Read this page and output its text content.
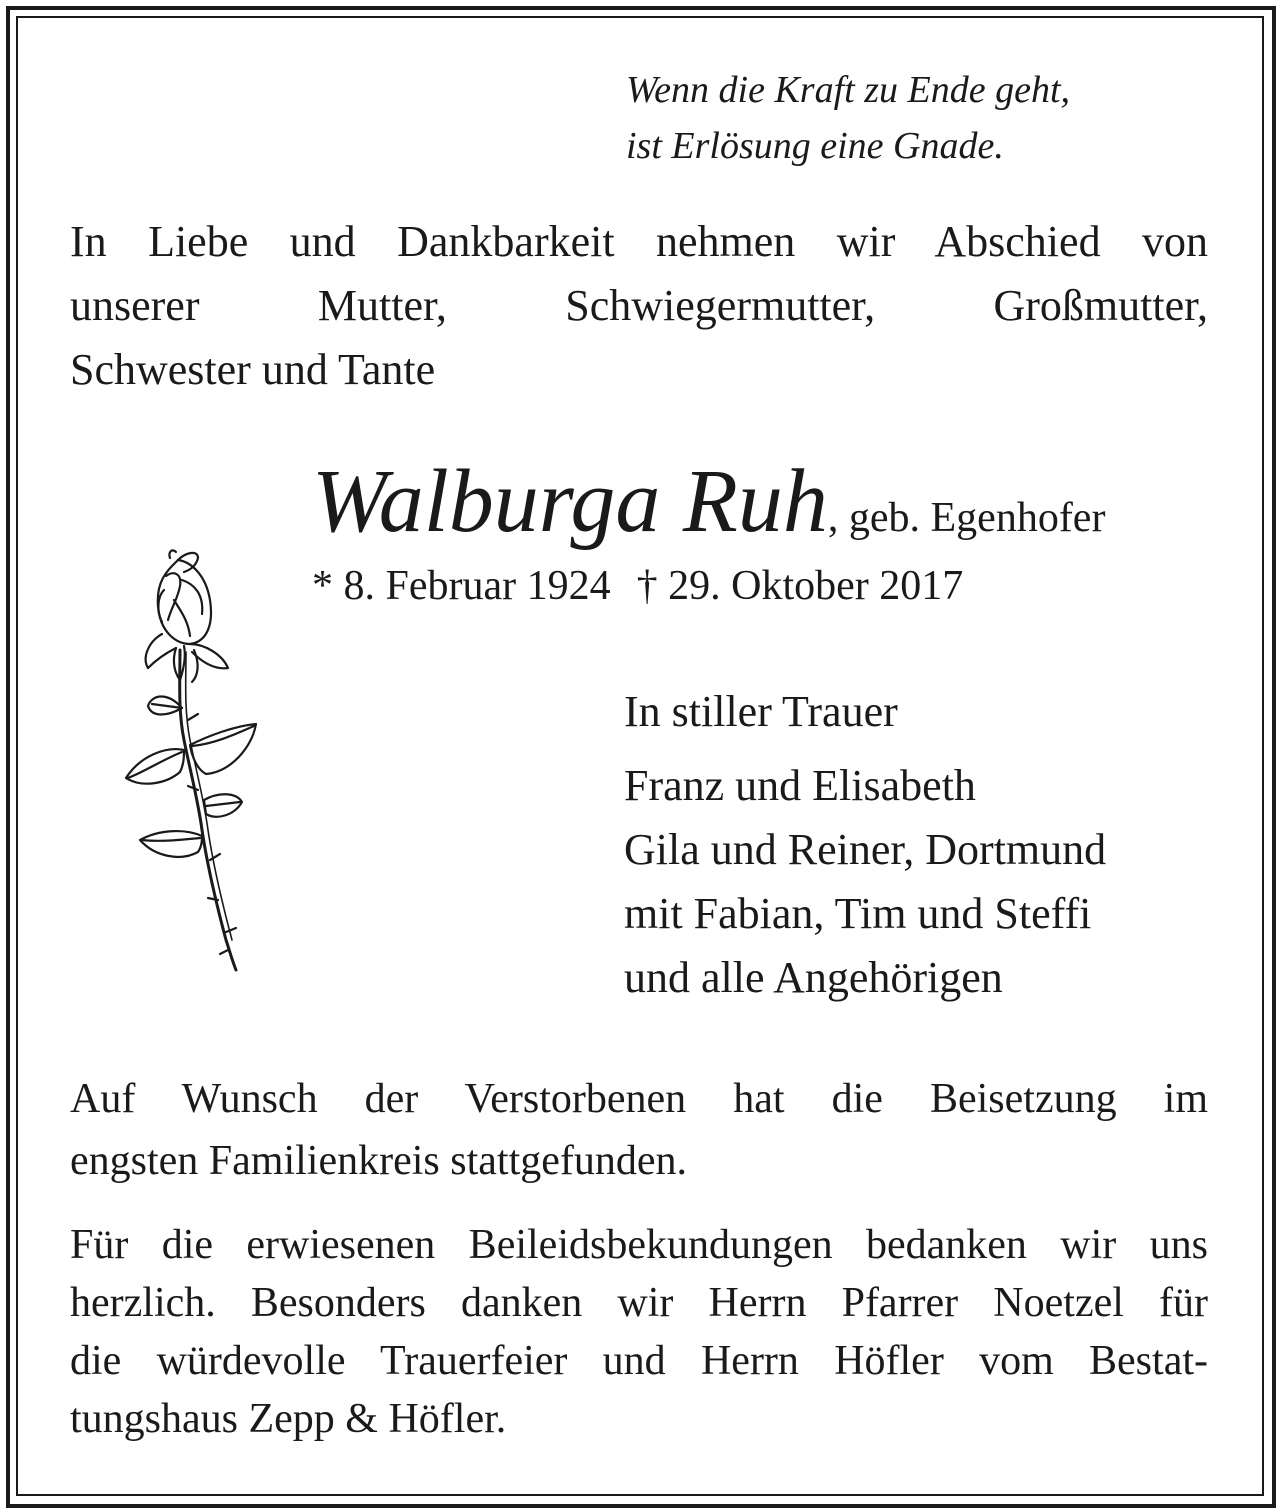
Wenn die Kraft zu Ende geht,
ist Erlösung eine Gnade.
In Liebe und Dankbarkeit nehmen wir Abschied von
unserer Mutter, Schwiegermutter, Großmutter,
Schwester und Tante
Walburga Ruh, geb. Egenhofer
* 8. Februar 1924 † 29. Oktober 2017
In stiller Trauer
Franz und Elisabeth
Gila und Reiner, Dortmund
mit Fabian, Tim und Steffi
und alle Angehörigen
Auf Wunsch der Verstorbenen hat die Beisetzung im
engsten Familienkreis stattgefunden.
Für die erwiesenen Beileidsbekundungen bedanken wir uns
herzlich. Besonders danken wir Herrn Pfarrer Noetzel für
die würdevolle Trauerfeier und Herrn Höfler vom Bestat-
tungshaus Zepp & Höfler.
